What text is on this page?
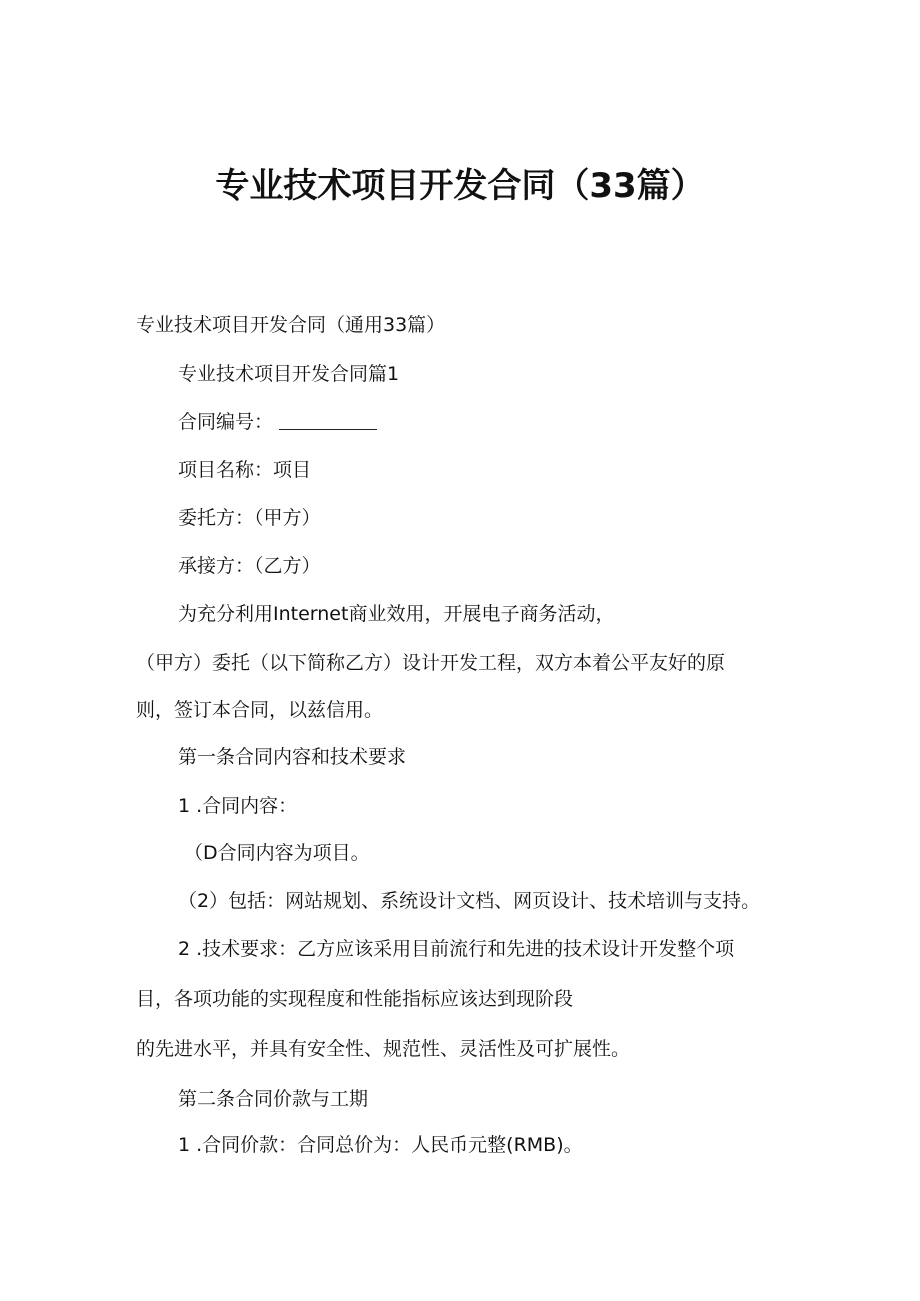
专业技术项目开发合同（33篇）
专业技术项目开发合同（通用33篇）
专业技术项目开发合同篇1
合同编号：
项目名称：项目
委托方：（甲方）
承接方：（乙方）
为充分利用Internet商业效用，开展电子商务活动，
（甲方）委托（以下简称乙方）设计开发工程，双方本着公平友好的原
则，签订本合同，以兹信用。
第一条合同内容和技术要求
1 .合同内容：
（D合同内容为项目。
（2）包括：网站规划、系统设计文档、网页设计、技术培训与支持。
2 .技术要求：乙方应该采用目前流行和先进的技术设计开发整个项
目，各项功能的实现程度和性能指标应该达到现阶段
的先进水平，并具有安全性、规范性、灵活性及可扩展性。
第二条合同价款与工期
1 .合同价款：合同总价为：人民币元整(RMB)。
